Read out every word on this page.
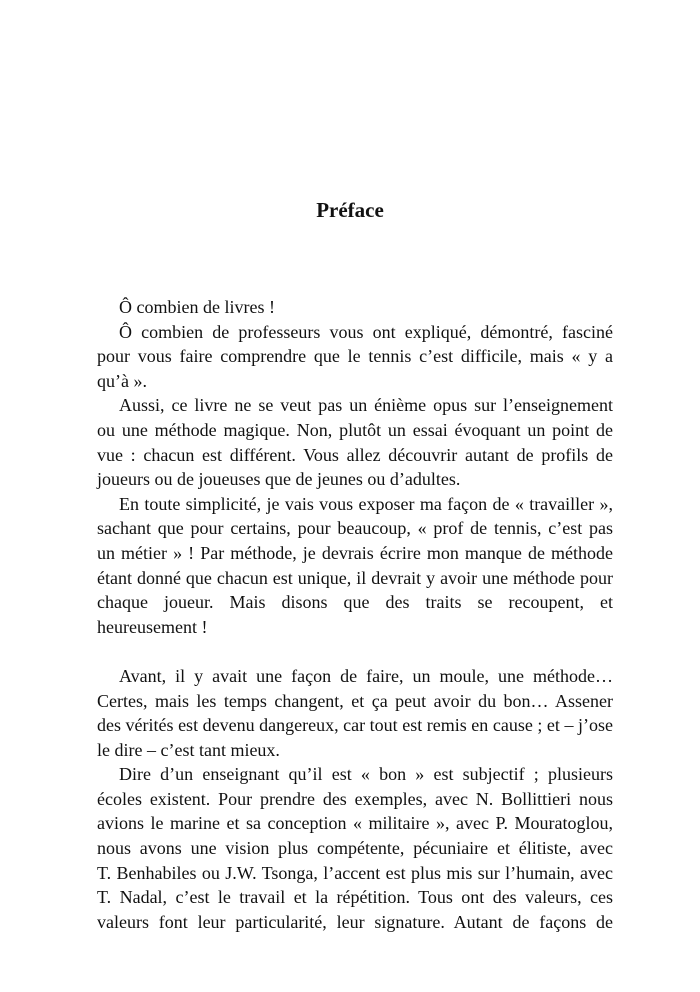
Préface
Ô combien de livres !
Ô combien de professeurs vous ont expliqué, démontré, fasciné
pour vous faire comprendre que le tennis c’est difficile, mais « y a
qu’à ».
Aussi, ce livre ne se veut pas un énième opus sur l’enseignement
ou une méthode magique. Non, plutôt un essai évoquant un point de
vue : chacun est différent. Vous allez découvrir autant de profils de
joueurs ou de joueuses que de jeunes ou d’adultes.
En toute simplicité, je vais vous exposer ma façon de « travailler »,
sachant que pour certains, pour beaucoup, « prof de tennis, c’est pas
un métier » ! Par méthode, je devrais écrire mon manque de méthode
étant donné que chacun est unique, il devrait y avoir une méthode pour
chaque joueur. Mais disons que des traits se recoupent, et
heureusement !
Avant, il y avait une façon de faire, un moule, une méthode…
Certes, mais les temps changent, et ça peut avoir du bon… Assener
des vérités est devenu dangereux, car tout est remis en cause ; et – j’ose
le dire – c’est tant mieux.
Dire d’un enseignant qu’il est « bon » est subjectif ; plusieurs
écoles existent. Pour prendre des exemples, avec N. Bollittieri nous
avions le marine et sa conception « militaire », avec P. Mouratoglou,
nous avons une vision plus compétente, pécuniaire et élitiste, avec
T. Benhabiles ou J.W. Tsonga, l’accent est plus mis sur l’humain, avec
T. Nadal, c’est le travail et la répétition. Tous ont des valeurs, ces
valeurs font leur particularité, leur signature. Autant de façons de
